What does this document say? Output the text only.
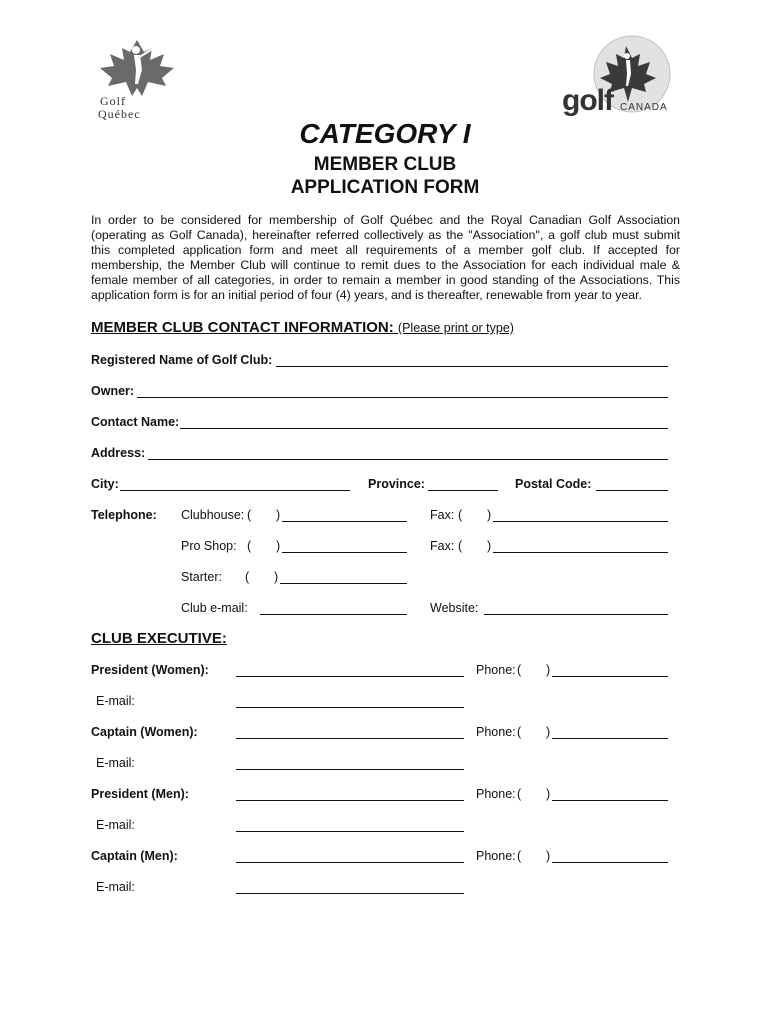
Golf
Québec	golf CANADA
CATEGORY I
MEMBER CLUB
APPLICATION FORM
In order to be considered for membership of Golf Québec and the Royal Canadian Golf Association (operating as Golf Canada), hereinafter referred collectively as the "Association", a golf club must submit this completed application form and meet all requirements of a member golf club. If accepted for membership, the Member Club will continue to remit dues to the Association for each individual male & female member of all categories, in order to remain a member in good standing of the Associations. This application form is for an initial period of four (4) years, and is thereafter, renewable from year to year.
MEMBER CLUB CONTACT INFORMATION: (Please print or type)
Registered Name of Golf Club:
Owner:
Contact Name:
Address:
City:	Province:	Postal Code:
Telephone: Clubhouse: ( )	Fax: ( )
Pro Shop: ( )	Fax: ( )
Starter: ( )
Club e-mail:	Website:
CLUB EXECUTIVE:
President (Women):	Phone: ( )
E-mail:
Captain (Women):	Phone: ( )
E-mail:
President (Men):	Phone: ( )
E-mail:
Captain (Men):	Phone: ( )
E-mail:
